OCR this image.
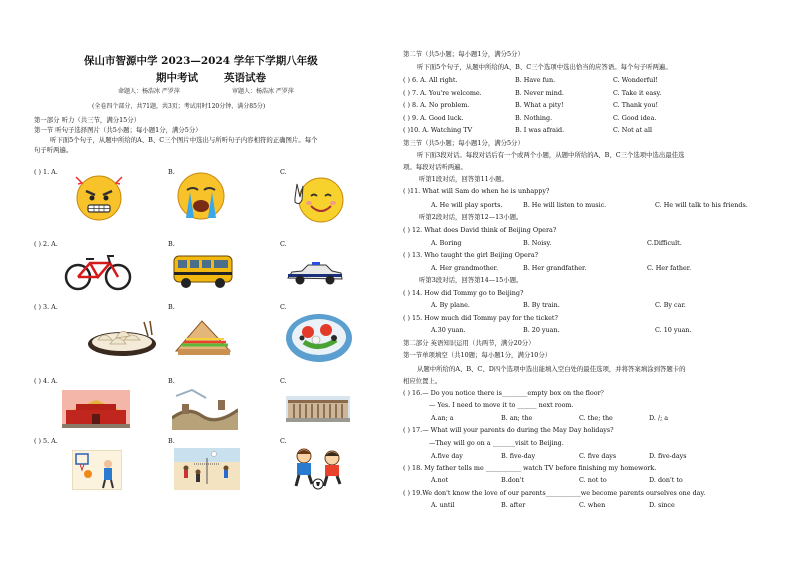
保山市智源中学 2023—2024 学年下学期八年级
期中考试 英语试卷
命题人：杨浩冰 严罗萍	审题人：杨浩冰 严罗萍
(全卷四个部分，共71题，共3页；考试用时120分钟，满分85分)
第一部分 听力（共三节，满分15分）
第一节 听句子选择图片（共5小题；每小题1分，满分5分）
听下面5个句子，从题中所给的A、B、C三个图片中选出与所听句子内容相符的正确图片。每个
句子听两遍。
( ) 1. A.	B.	C.
( ) 2. A.	B.	C.
( ) 3. A.	B.	C.
( ) 4. A.	B.	C.
( ) 5. A.	B.	C.
第二节（共5小题；每小题1分，满分5分）
听下面5个句子，从题中所给的A、B、C三个选项中选出恰当的应答语。每个句子听两遍。
( ) 6. A. All right.	B. Have fun.	C. Wonderful!
( ) 7. A. You're welcome.	B. Never mind.	C. Take it easy.
( ) 8. A. No problem.	B. What a pity!	C. Thank you!
( ) 9. A. Good luck.	B. Nothing.	C. Good idea.
( )10. A. Watching TV	B. I was afraid.	C. Not at all
第三节（共5小题；每小题1分，满分5分）
听下面3段对话。每段对话后有一个或两个小题，从题中所给的A、B、C三个选项中选出最佳选
项。每段对话听两遍。
听第1段对话，回答第11小题。
( )11. What will Sam do when he is unhappy?
A. He will play sports.	B. He will listen to music.	C. He will talk to his friends.
听第2段对话，回答第12—13小题。
( ) 12. What does David think of Beijing Opera?
A. Boring	B. Noisy.	C.Difficult.
( ) 13. Who taught the girl Beijing Opera?
A. Her grandmother.	B. Her grandfather.	C. Her father.
听第3段对话，回答第14—15小题。
( ) 14. How did Tommy go to Beijing?
A. By plane.	B. By train.	C. By car.
( ) 15. How much did Tommy pay for the ticket?
A.30 yuan.	B. 20 yuan.	C. 10 yuan.
第二部分 英语知识运用（共两节，满分20分）
第一节单项填空（共10题；每小题1分，满分10分）
从题中所给的A、B、C、D四个选项中选出能填入空白处的最佳选项，并将答案填涂到答题卡的
相应位置上。
( ) 16.— Do you notice there is________empty box on the floor？
— Yes. I need to move it to ______ next room.
A.an; a	B. an; the	C. the; the	D. /; a
( ) 17.— What will your parents do during the May Day holidays?
—They will go on a _______visit to Beijing.
A.five day	B. five-day	C. five days	D. five-days
( ) 18. My father tells me ___________ watch TV before finishing my homework.
A.not	B.don't	C. not to	D. don't to
( ) 19.We don't know the love of our parents___________we become parents ourselves one day.
A. until	B. after	C. when	D. since
